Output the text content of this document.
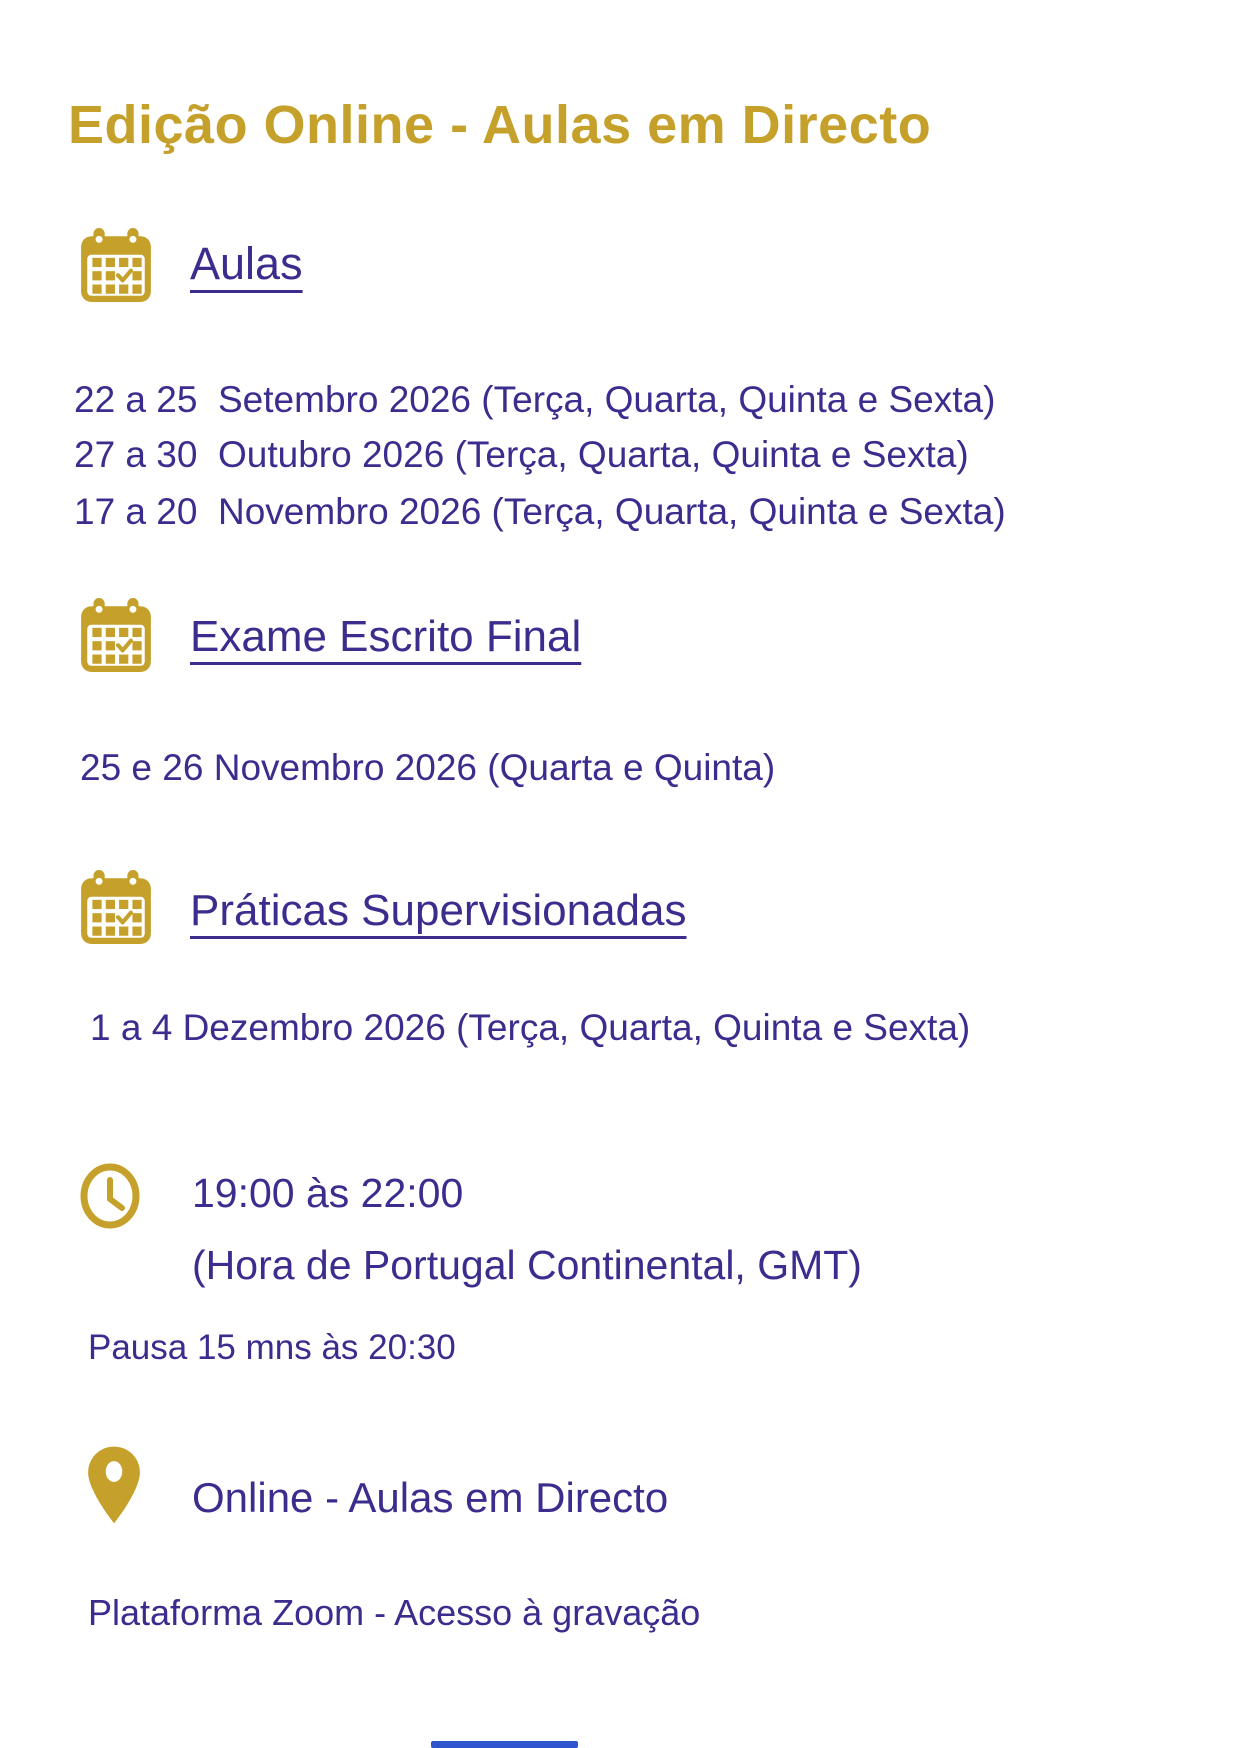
Edição Online - Aulas em Directo
Aulas
22 a 25  Setembro 2026 (Terça, Quarta, Quinta e Sexta)
27 a 30  Outubro 2026 (Terça, Quarta, Quinta e Sexta)
17 a 20  Novembro 2026 (Terça, Quarta, Quinta e Sexta)
Exame Escrito Final
25 e 26 Novembro 2026 (Quarta e Quinta)
Práticas Supervisionadas
1 a 4 Dezembro 2026 (Terça, Quarta, Quinta e Sexta)
19:00 às 22:00
(Hora de Portugal Continental, GMT)
Pausa 15 mns às 20:30
Online - Aulas em Directo
Plataforma Zoom - Acesso à gravação
